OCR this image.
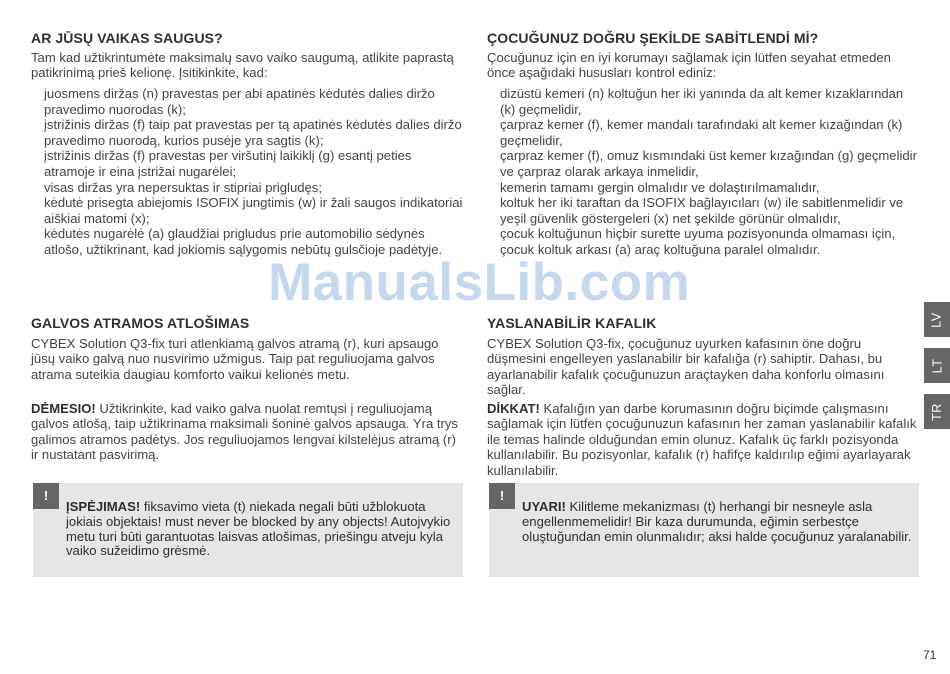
AR JŪSŲ VAIKAS SAUGUS?
Tam kad užtikrintumėte maksimalų savo vaiko saugumą, atlikite paprastą patikrinimą prieš kelionę. Įsitikinkite, kad:

juosmens diržas (n) pravestas per abi apatinės kėdutės dalies diržo pravedimo nuorodas (k);

įstrižinis diržas (f) taip pat pravestas per tą apatinės kėdutės dalies diržo pravedimo nuorodą, kurios pusėje yra sagtis (k);

įstrižinis diržas (f) pravestas per viršutinį laikiklį (g) esantį peties atramoje ir eina įstrižai nugarėlei;

visas diržas yra nepersuktas ir stipriai prigludęs;

kėdutė prisegta abiejomis ISOFIX jungtimis (w) ir žali saugos indikatoriai aiškiai matomi (x);

kėdutės nugarėlė (a) glaudžiai prigludus prie automobilio sėdynės atlošo, užtikrinant, kad jokiomis sąlygomis nebūtų gulsčioje padėtyje.

GALVOS ATRAMOS ATLOŠIMAS
CYBEX Solution Q3-fix turi atlenkiamą galvos atramą (r), kuri apsaugo jūsų vaiko galvą nuo nusvirimo užmigus. Taip pat reguliuojama galvos atrama suteikia daugiau komforto vaikui kelionės metu.
DĖMESIO! Užtikrinkite, kad vaiko galva nuolat remtųsi į reguliuojamą galvos atlošą, taip užtikrinama maksimali šoninė galvos apsauga. Yra trys galimos atramos padėtys. Jos reguliuojamos lengvai kilstelėjus atramą (r) ir nustatant pasvirimą.
!
ĮSPĖJIMAS! fiksavimo vieta (t) niekada negali būti užblokuota jokiais objektais! must never be blocked by any objects! Autojvykio metu turi būti garantuotas laisvas atlošimas, priešingu atveju kyla vaiko sužeidimo grėsmė.
ÇOCUĞUNUZ DOĞRU ŞEKİLDE SABİTLENDİ Mİ?
Çocuğunuz için en iyi korumayı sağlamak için lütfen seyahat etmeden önce aşağıdaki hususları kontrol ediniz:

dizüstü kemeri (n) koltuğun her iki yanında da alt kemer kızaklarından (k) geçmelidir,

çarpraz kemer (f), kemer mandalı tarafındaki alt kemer kızağından (k) geçmelidir,

çarpraz kemer (f), omuz kısmındaki üst kemer kızağından (g) geçmelidir ve çarpraz olarak arkaya inmelidir,

kemerin tamamı gergin olmalıdır ve dolaştırılmamalıdır,

koltuk her iki taraftan da ISOFIX bağlayıcıları (w) ile sabitlenmelidir ve yeşil güvenlik göstergeleri (x) net şekilde görünür olmalıdır,

çocuk koltuğunun hiçbir surette uyuma pozisyonunda olmaması için, çocuk koltuk arkası (a) araç koltuğuna paralel olmalıdır.

YASLANABİLİR KAFALIK
CYBEX Solution Q3-fix, çocuğunuz uyurken kafasının öne doğru düşmesini engelleyen yaslanabilir bir kafalığa (r) sahiptir. Dahası, bu ayarlanabilir kafalık çocuğunuzun araçtayken daha konforlu olmasını sağlar.
DİKKAT! Kafalığın yan darbe korumasının doğru biçimde çalışmasını sağlamak için lütfen çocuğunuzun kafasının her zaman yaslanabilir kafalık ile temas halinde olduğundan emin olunuz. Kafalık üç farklı pozisyonda kullanılabilir. Bu pozisyonlar, kafalık (r) hafifçe kaldırılıp eğimi ayarlayarak kullanılabilir.
!
UYARI! Kilitleme mekanizması (t) herhangi bir nesneyle asla engellenmemelidir! Bir kaza durumunda, eğimin serbestçe oluştuğundan emin olunmalıdır; aksi halde çocuğunuz yaralanabilir.
LV
LT
TR
71
ManualsLib.com
